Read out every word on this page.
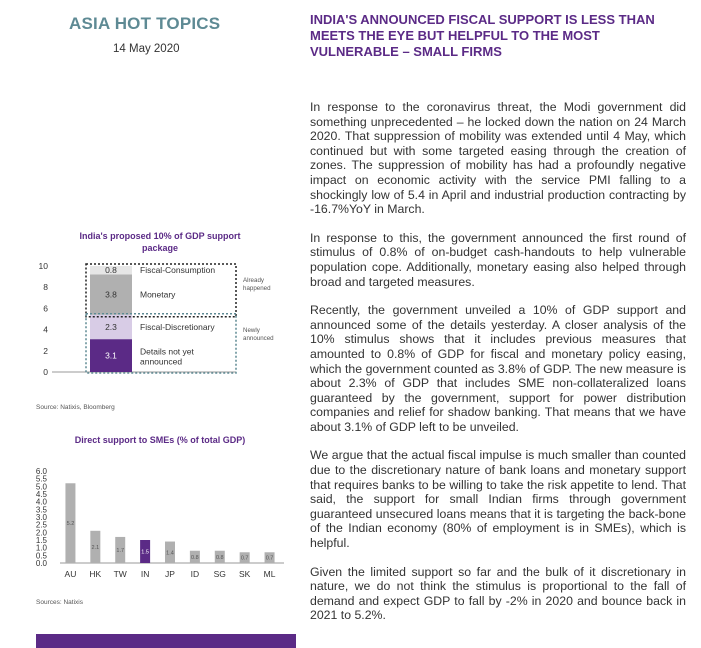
ASIA HOT TOPICS
14 May 2020
INDIA'S ANNOUNCED FISCAL SUPPORT IS LESS THAN MEETS THE EYE BUT HELPFUL TO THE MOST VULNERABLE – SMALL FIRMS

In response to the coronavirus threat, the Modi government did something unprecedented – he locked down the nation on 24 March 2020. That suppression of mobility was extended until 4 May, which continued but with some targeted easing through the creation of zones. The suppression of mobility has had a profoundly negative impact on economic activity with the service PMI falling to a shockingly low of 5.4 in April and industrial production contracting by -16.7%YoY in March.

In response to this, the government announced the first round of stimulus of 0.8% of on-budget cash-handouts to help vulnerable population cope. Additionally, monetary easing also helped through broad and targeted measures.

Recently, the government unveiled a 10% of GDP support and announced some of the details yesterday. A closer analysis of the 10% stimulus shows that it includes previous measures that amounted to 0.8% of GDP for fiscal and monetary policy easing, which the government counted as 3.8% of GDP. The new measure is about 2.3% of GDP that includes SME non-collateralized loans guaranteed by the government, support for power distribution companies and relief for shadow banking. That means that we have about 3.1% of GDP left to be unveiled.

We argue that the actual fiscal impulse is much smaller than counted due to the discretionary nature of bank loans and monetary support that requires banks to be willing to take the risk appetite to lend. That said, the support for small Indian firms through government guaranteed unsecured loans means that it is targeting the back-bone of the Indian economy (80% of employment is in SMEs), which is helpful.

Given the limited support so far and the bulk of it discretionary in nature, we do not think the stimulus is proportional to the fall of demand and expect GDP to fall by -2% in 2020 and bounce back in 2021 to 5.2%.

India's proposed 10% of GDP support package
Source: Natixis, Bloomberg
Direct support to SMEs (% of total GDP)
Sources: Natixis
0
2
4
6
8
10
3.1
2.3
3.8
0.8
Details not yet
announced
Fiscal-Discretionary
Monetary
Fiscal-Consumption
Already
happened
Newly
announced
0.0
0.5
1.0
1.5
2.0
2.5
3.0
3.5
4.0
4.5
5.0
5.5
6.0
5.2
AU
2.1
HK
1.7
TW
1.5
IN
1.4
JP
0.8
ID
0.8
SG
0.7
SK
0.7
ML
